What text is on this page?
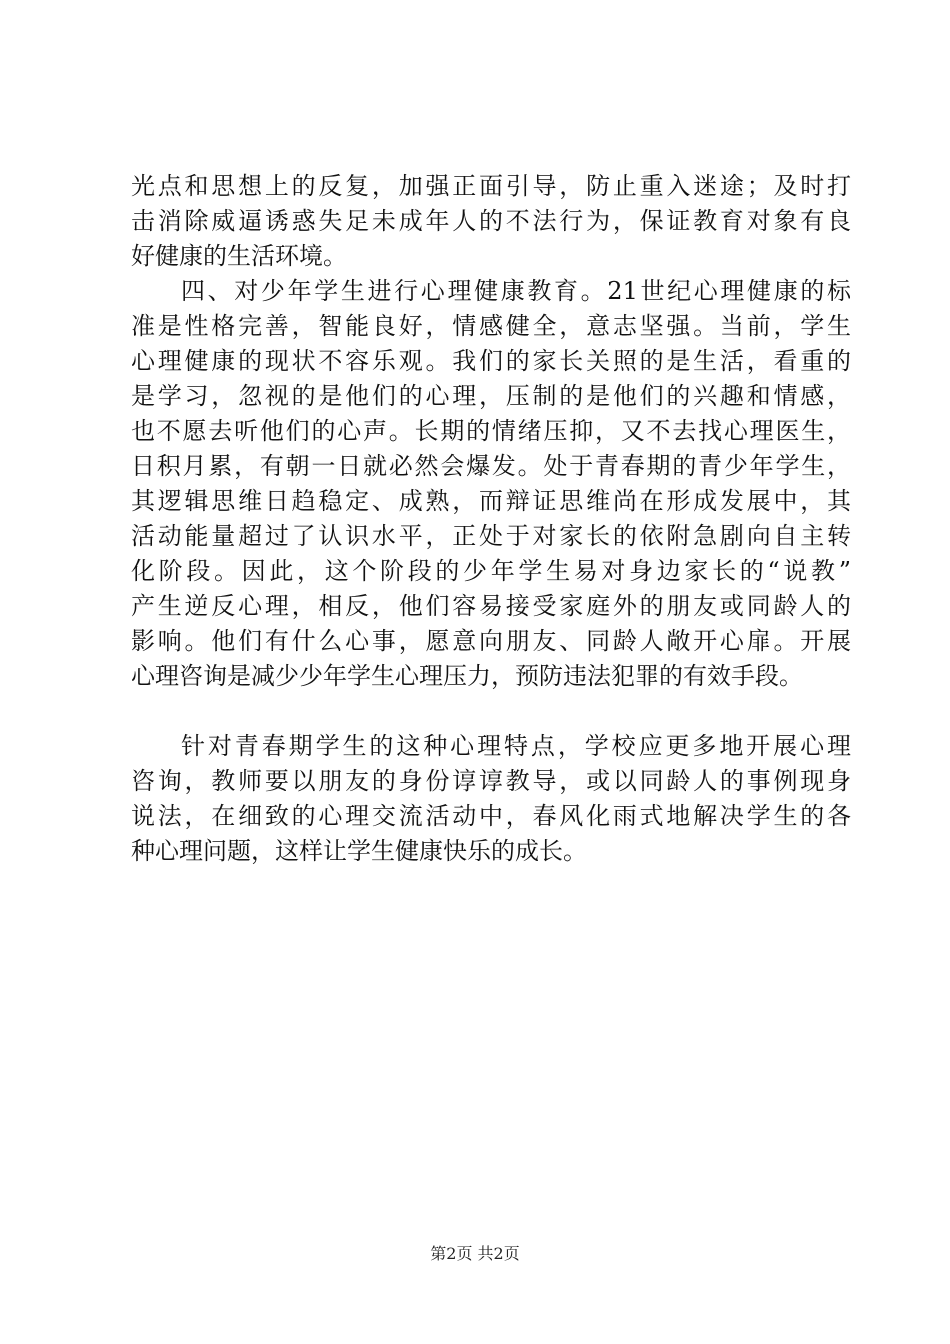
光点和思想上的反复，加强正面引导，防止重入迷途；及时打
击消除威逼诱惑失足未成年人的不法行为，保证教育对象有良
好健康的生活环境。
四、对少年学生进行心理健康教育。21世纪心理健康的标
准是性格完善，智能良好，情感健全，意志坚强。当前，学生
心理健康的现状不容乐观。我们的家长关照的是生活，看重的
是学习，忽视的是他们的心理，压制的是他们的兴趣和情感，
也不愿去听他们的心声。长期的情绪压抑，又不去找心理医生，
日积月累，有朝一日就必然会爆发。处于青春期的青少年学生，
其逻辑思维日趋稳定、成熟，而辩证思维尚在形成发展中，其
活动能量超过了认识水平，正处于对家长的依附急剧向自主转
化阶段。因此，这个阶段的少年学生易对身边家长的“说教”
产生逆反心理，相反，他们容易接受家庭外的朋友或同龄人的
影响。他们有什么心事，愿意向朋友、同龄人敞开心扉。开展
心理咨询是减少少年学生心理压力，预防违法犯罪的有效手段。
针对青春期学生的这种心理特点，学校应更多地开展心理
咨询，教师要以朋友的身份谆谆教导，或以同龄人的事例现身
说法，在细致的心理交流活动中，春风化雨式地解决学生的各
种心理问题，这样让学生健康快乐的成长。
第2页 共2页
